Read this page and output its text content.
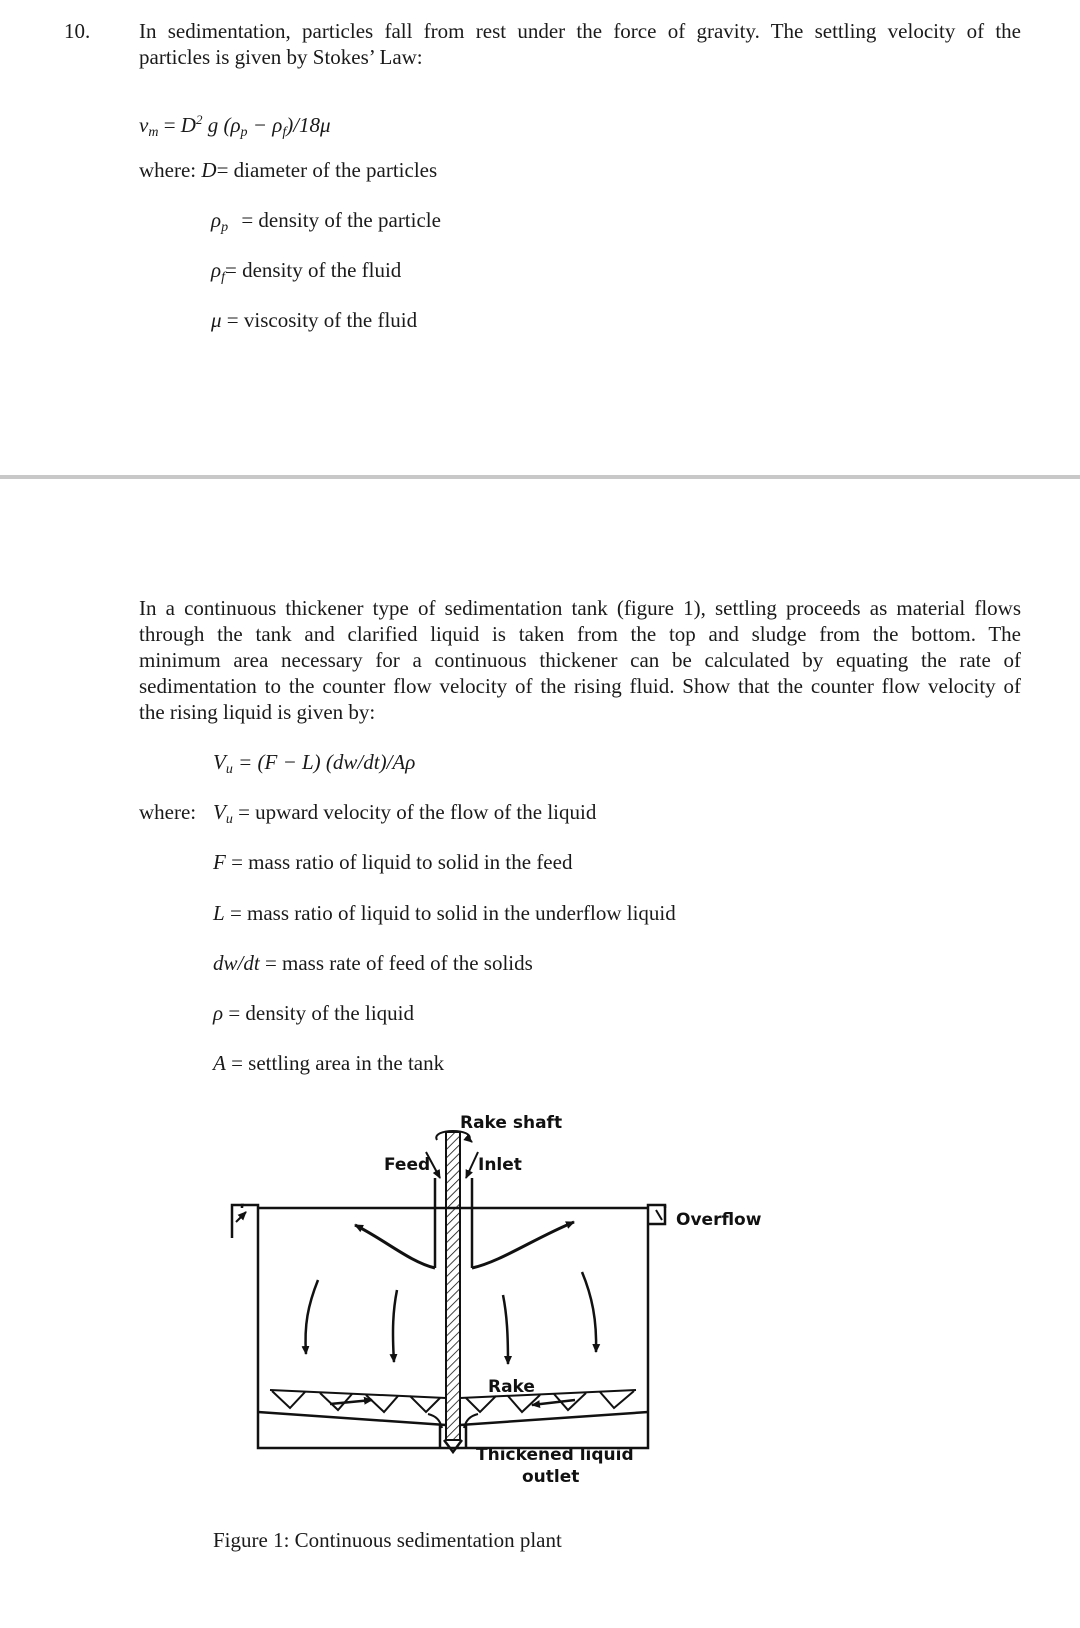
10. In sedimentation, particles fall from rest under the force of gravity. The settling velocity of the
particles is given by Stokes’ Law:
$v_m = D^2$ g $(\rho_p - \rho_f)/18\mu$
where: D= diameter of the particles
$\rho_p$ = density of the particle
$\rho_f=$ density of the fluid
μ = viscosity of the fluid
In a continuous thickener type of sedimentation tank (figure 1), settling proceeds as material flows
through the tank and clarified liquid is taken from the top and sludge from the bottom. The
minimum area necessary for a continuous thickener can be calculated by equating the rate of
sedimentation to the counter flow velocity of the rising fluid. Show that the counter flow velocity of
the rising liquid is given by:
$V_u = (F - L)$ (dw/dt)/Aρ
where: $V_u$ = upward velocity of the flow of the liquid
F = mass ratio of liquid to solid in the feed
L = mass ratio of liquid to solid in the underflow liquid
dw/dt = mass rate of feed of the solids
ρ = density of the liquid
A = settling area in the tank
Rake shaft
Feed	Inlet
Overflow
Rake
Thickened liquid
outlet
Figure 1: Continuous sedimentation plant
